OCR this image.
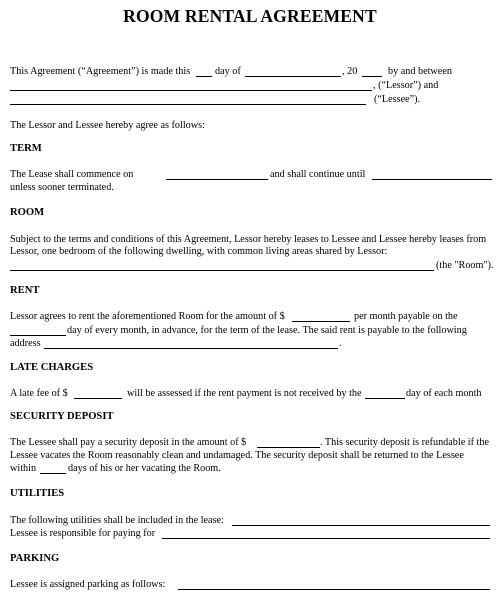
ROOM RENTAL AGREEMENT
This Agreement (“Agreement”) is made this day of	, 20	by and between
, (“Lessor”) and
(“Lessee”).
The Lessor and Lessee hereby agree as follows:
TERM
The Lease shall commence on	and shall continue until
unless sooner terminated.
ROOM
Subject to the terms and conditions of this Agreement, Lessor hereby leases to Lessee and Lessee hereby leases from
Lessor, one bedroom of the following dwelling, with common living areas shared by Lessor:
(the "Room").
RENT
Lessor agrees to rent the aforementioned Room for the amount of $	per month payable on the
day of every month, in advance, for the term of the lease. The said rent is payable to the following
address	.
LATE CHARGES
A late fee of $	will be assessed if the rent payment is not received by the	day of each month
SECURITY DEPOSIT
The Lessee shall pay a security deposit in the amount of $	. This security deposit is refundable if the
Lessee vacates the Room reasonably clean and undamaged. The security deposit shall be returned to the Lessee
within	days of his or her vacating the Room.
UTILITIES
The following utilities shall be included in the lease:
Lessee is responsible for paying for
PARKING
Lessee is assigned parking as follows:
